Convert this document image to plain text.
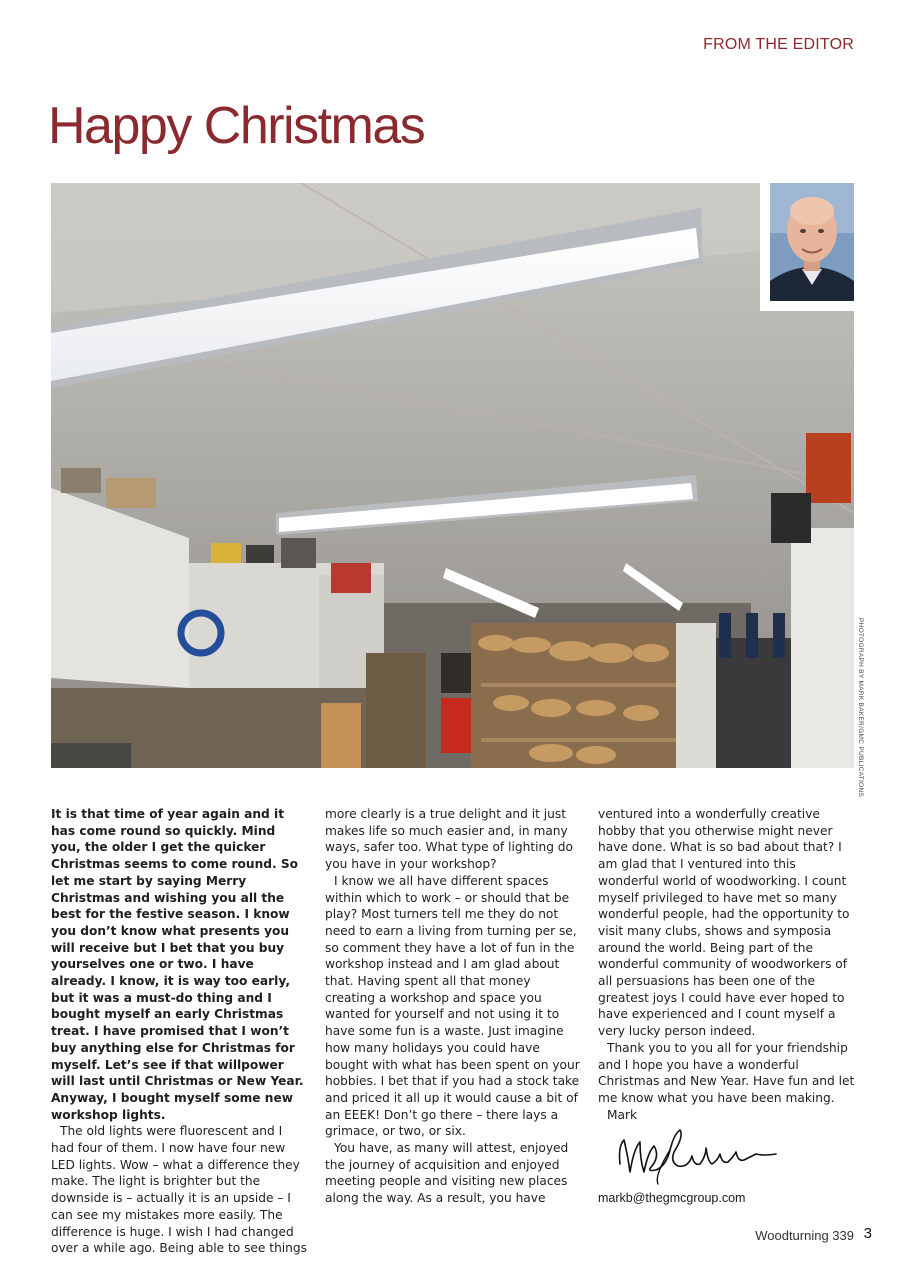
FROM THE EDITOR
Happy Christmas
PHOTOGRAPH BY MARK BAKER/GMC PUBLICATIONS

It is that time of year again and it has come round so quickly. Mind you, the older I get the quicker Christmas seems to come round. So let me start by saying Merry Christmas and wishing you all the best for the festive season. I know you don’t know what presents you will receive but I bet that you buy yourselves one or two. I have already. I know, it is way too early, but it was a must-do thing and I bought myself an early Christmas treat. I have promised that I won’t buy anything else for Christmas for myself. Let’s see if that willpower will last until Christmas or New Year. Anyway, I bought myself some new workshop lights.

The old lights were fluorescent and I had four of them. I now have four new LED lights. Wow – what a difference they make. The light is brighter but the downside is – actually it is an upside – I can see my mistakes more easily. The difference is huge. I wish I had changed over a while ago. Being able to see things

more clearly is a true delight and it just makes life so much easier and, in many ways, safer too. What type of lighting do you have in your workshop?

I know we all have different spaces within which to work – or should that be play? Most turners tell me they do not need to earn a living from turning per se, so comment they have a lot of fun in the workshop instead and I am glad about that. Having spent all that money creating a workshop and space you wanted for yourself and not using it to have some fun is a waste. Just imagine how many holidays you could have bought with what has been spent on your hobbies. I bet that if you had a stock take and priced it all up it would cause a bit of an EEEK! Don’t go there – there lays a grimace, or two, or six.

You have, as many will attest, enjoyed the journey of acquisition and enjoyed meeting people and visiting new places along the way. As a result, you have

ventured into a wonderfully creative hobby that you otherwise might never have done. What is so bad about that? I am glad that I ventured into this wonderful world of woodworking. I count myself privileged to have met so many wonderful people, had the opportunity to visit many clubs, shows and symposia around the world. Being part of the wonderful community of woodworkers of all persuasions has been one of the greatest joys I could have ever hoped to have experienced and I count myself a very lucky person indeed.

Thank you to you all for your friendship and I hope you have a wonderful Christmas and New Year. Have fun and let me know what you have been making.

Mark

markb@thegmcgroup.com
Woodturning 339 3
